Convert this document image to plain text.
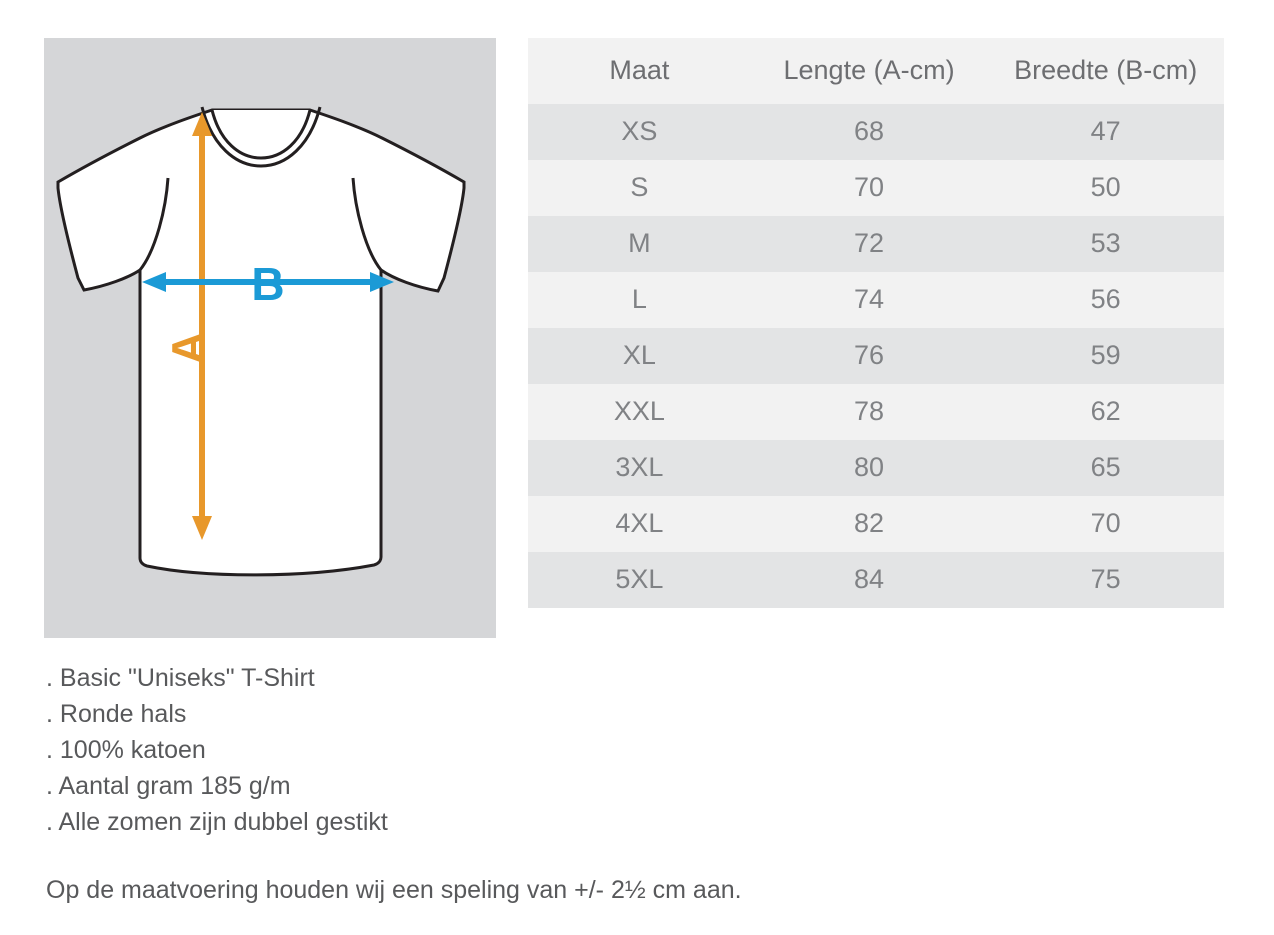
A
B
Maat	Lengte (A-cm)	Breedte (B-cm)
XS	68	47
S	70	50
M	72	53
L	74	56
XL	76	59
XXL	78	62
3XL	80	65
4XL	82	70
5XL	84	75
. Basic "Uniseks" T-Shirt
. Ronde hals
. 100% katoen
. Aantal gram 185 g/m
. Alle zomen zijn dubbel gestikt
Op de maatvoering houden wij een speling van +/- 2½ cm aan.
